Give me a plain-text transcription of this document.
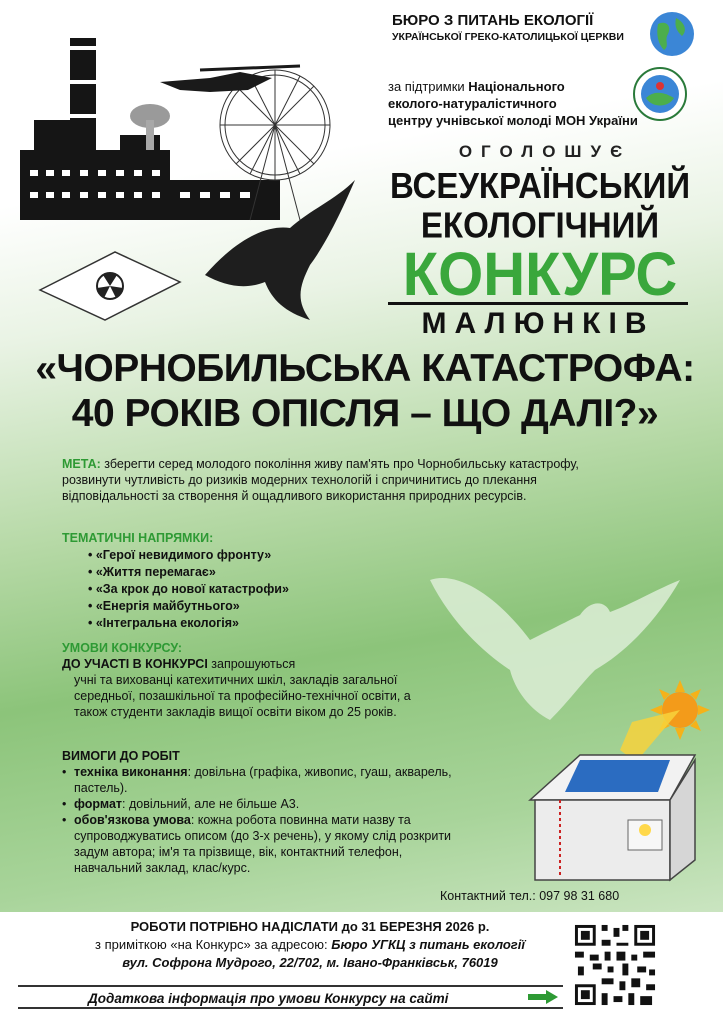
БЮРО З ПИТАНЬ ЕКОЛОГІЇ
УКРАЇНСЬКОЇ ГРЕКО-КАТОЛИЦЬКОЇ ЦЕРКВИ
за підтримки Національного
еколого-натуралістичного
центру учнівської молоді МОН України
ОГОЛОШУЄ
ВСЕУКРАЇНСЬКИЙ
ЕКОЛОГІЧНИЙ
КОНКУРС
МАЛЮНКІВ
«ЧОРНОБИЛЬСЬКА КАТАСТРОФА:
40 РОКІВ ОПІСЛЯ – ЩО ДАЛІ?»
МЕТА: зберегти серед молодого покоління живу пам'ять про Чорнобильську катастрофу, розвинути чутливість до ризиків модерних технологій і спричинитись до плекання відповідальності за створення й ощадливого використання природних ресурсів.
ТЕМАТИЧНІ НАПРЯМКИ:
• «Герої невидимого фронту»
• «Життя перемагає»
• «За крок до нової катастрофи»
• «Енергія майбутнього»
• «Інтегральна екологія»
УМОВИ КОНКУРСУ:
ДО УЧАСТІ В КОНКУРСІ запрошуються
учні та вихованці катехитичних шкіл, закладів загальної середньої, позашкільної та професійно-технічної освіти, а також студенти закладів вищої освіти віком до 25 років.
ВИМОГИ ДО РОБІТ
• техніка виконання: довільна (графіка, живопис, гуаш, акварель, пастель).
• формат: довільний, але не більше А3.
• обов'язкова умова: кожна робота повинна мати назву та супроводжуватись описом (до 3-х речень), у якому слід розкрити задум автора; ім'я та прізвище, вік, контактний телефон, навчальний заклад, клас/курс.
Контактний тел.: 097 98 31 680
РОБОТИ ПОТРІБНО НАДІСЛАТИ до 31 БЕРЕЗНЯ 2026 р.
з приміткою «на Конкурс» за адресою: Бюро УГКЦ з питань екології
вул. Софрона Мудрого, 22/702, м. Івано-Франківськ, 76019
Додаткова інформація про умови Конкурсу на сайті
